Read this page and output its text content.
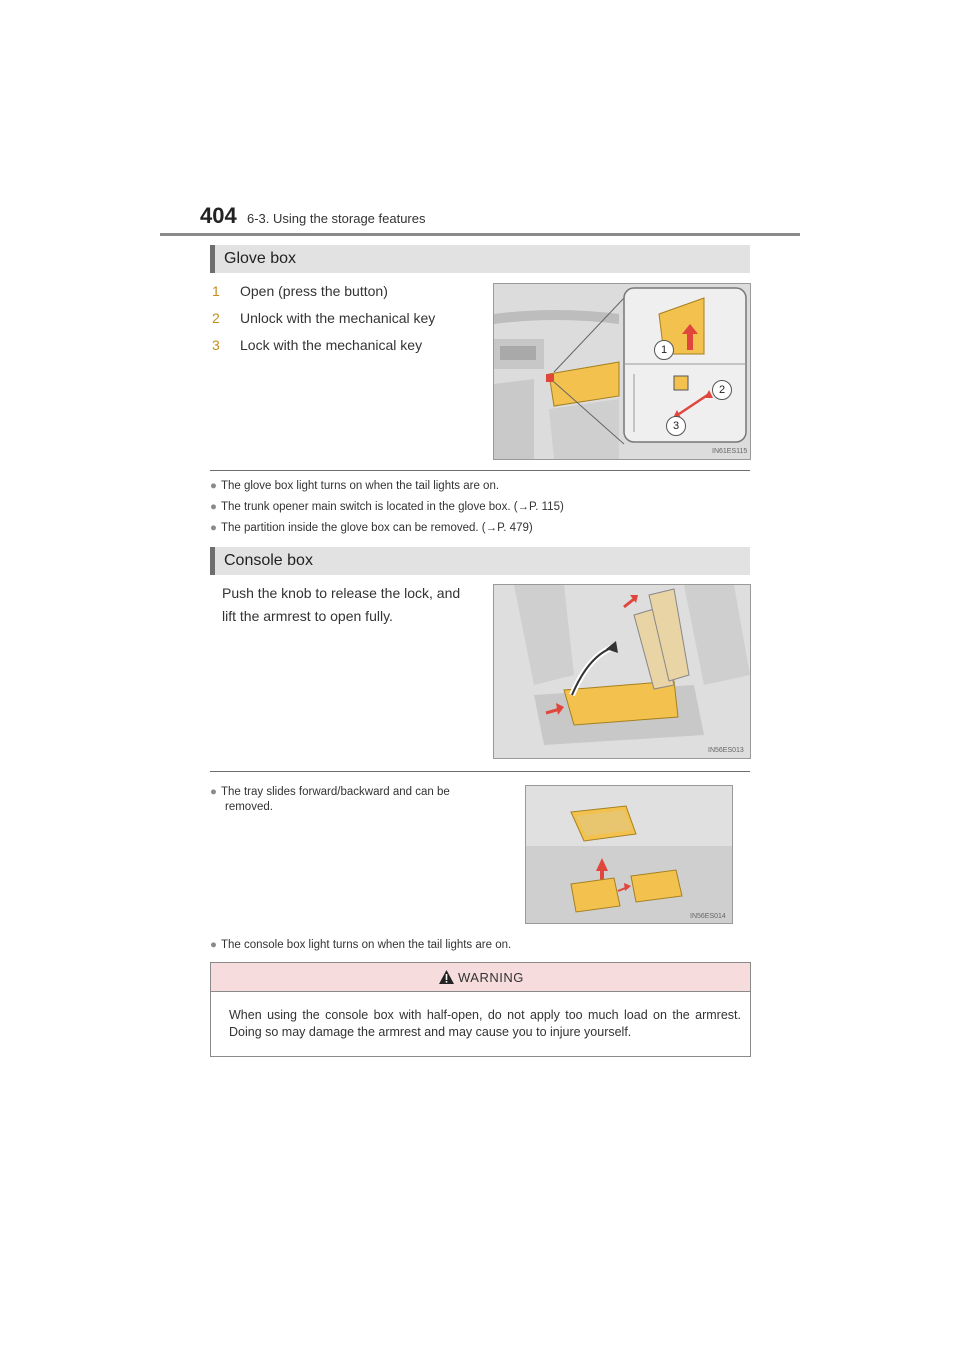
404 6-3. Using the storage features
Glove box
1 Open (press the button)
2 Unlock with the mechanical key
3 Lock with the mechanical key	1
2
3
IN61ES115
● The glove box light turns on when the tail lights are on.
● The trunk opener main switch is located in the glove box. (→P. 115)
● The partition inside the glove box can be removed. (→P. 479)
Console box
Push the knob to release the lock, and
lift the armrest to open fully.
IN56ES013
● The tray slides forward/backward and can be
removed.
IN56ES014
● The console box light turns on when the tail lights are on.
WARNING
When using the console box with half-open, do not apply too much load on the armrest. Doing so may damage the armrest and may cause you to injure yourself.
